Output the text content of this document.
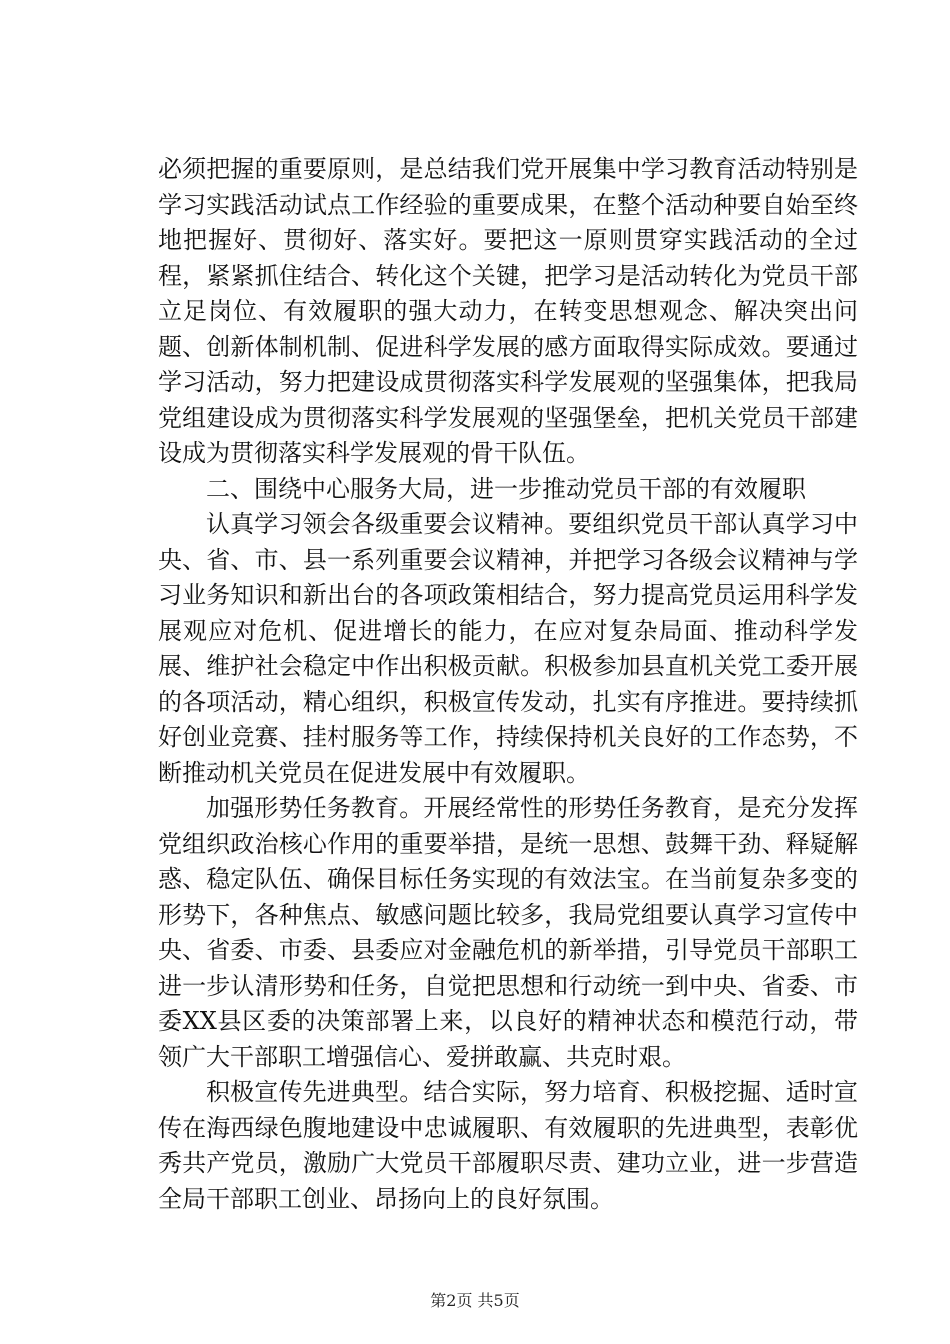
必须把握的重要原则，是总结我们党开展集中学习教育活动特别是学习实践活动试点工作经验的重要成果，在整个活动种要自始至终地把握好、贯彻好、落实好。要把这一原则贯穿实践活动的全过程，紧紧抓住结合、转化这个关键，把学习是活动转化为党员干部立足岗位、有效履职的强大动力，在转变思想观念、解决突出问题、创新体制机制、促进科学发展的感方面取得实际成效。要通过学习活动，努力把建设成贯彻落实科学发展观的坚强集体，把我局党组建设成为贯彻落实科学发展观的坚强堡垒，把机关党员干部建设成为贯彻落实科学发展观的骨干队伍。

二、围绕中心服务大局，进一步推动党员干部的有效履职

认真学习领会各级重要会议精神。要组织党员干部认真学习中央、省、市、县一系列重要会议精神，并把学习各级会议精神与学习业务知识和新出台的各项政策相结合，努力提高党员运用科学发展观应对危机、促进增长的能力，在应对复杂局面、推动科学发展、维护社会稳定中作出积极贡献。积极参加县直机关党工委开展的各项活动，精心组织，积极宣传发动，扎实有序推进。要持续抓好创业竞赛、挂村服务等工作，持续保持机关良好的工作态势，不断推动机关党员在促进发展中有效履职。

加强形势任务教育。开展经常性的形势任务教育，是充分发挥党组织政治核心作用的重要举措，是统一思想、鼓舞干劲、释疑解惑、稳定队伍、确保目标任务实现的有效法宝。在当前复杂多变的形势下，各种焦点、敏感问题比较多，我局党组要认真学习宣传中央、省委、市委、县委应对金融危机的新举措，引导党员干部职工进一步认清形势和任务，自觉把思想和行动统一到中央、省委、市委XX县区委的决策部署上来，以良好的精神状态和模范行动，带领广大干部职工增强信心、爱拼敢赢、共克时艰。

积极宣传先进典型。结合实际，努力培育、积极挖掘、适时宣传在海西绿色腹地建设中忠诚履职、有效履职的先进典型，表彰优秀共产党员，激励广大党员干部履职尽责、建功立业，进一步营造全局干部职工创业、昂扬向上的良好氛围。

第2页 共5页
